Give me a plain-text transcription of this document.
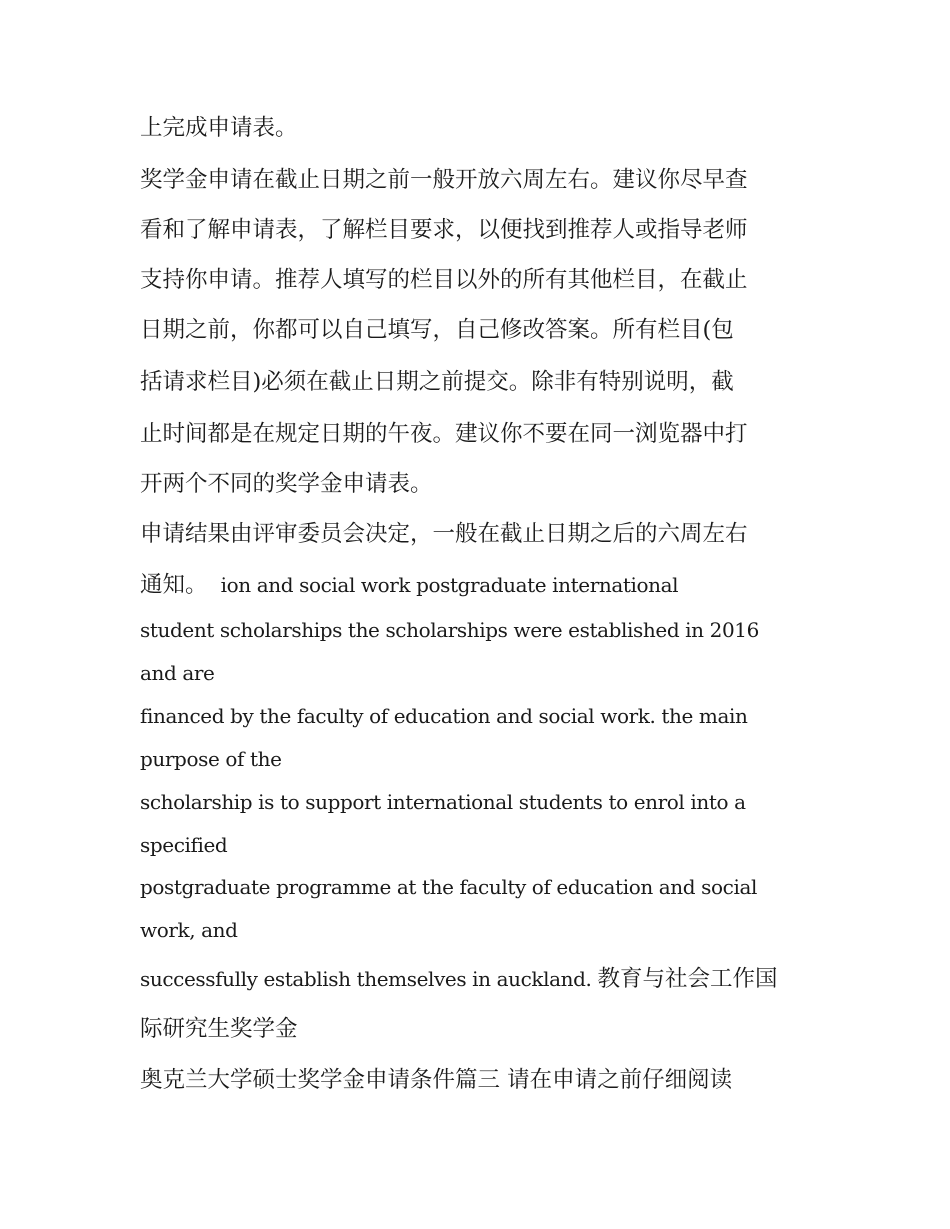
上完成申请表。
奖学金申请在截止日期之前一般开放六周左右。建议你尽早查
看和了解申请表，了解栏目要求，以便找到推荐人或指导老师
支持你申请。推荐人填写的栏目以外的所有其他栏目，在截止
日期之前，你都可以自己填写，自己修改答案。所有栏目(包
括请求栏目)必须在截止日期之前提交。除非有特别说明，截
止时间都是在规定日期的午夜。建议你不要在同一浏览器中打
开两个不同的奖学金申请表。
申请结果由评审委员会决定，一般在截止日期之后的六周左右
通知。 ion and social work postgraduate international
student scholarships the scholarships were established in 2016
and are
financed by the faculty of education and social work. the main
purpose of the
scholarship is to support international students to enrol into a
specified
postgraduate programme at the faculty of education and social
work, and
successfully establish themselves in auckland. 教育与社会工作国
际研究生奖学金
奥克兰大学硕士奖学金申请条件篇三 请在申请之前仔细阅读
